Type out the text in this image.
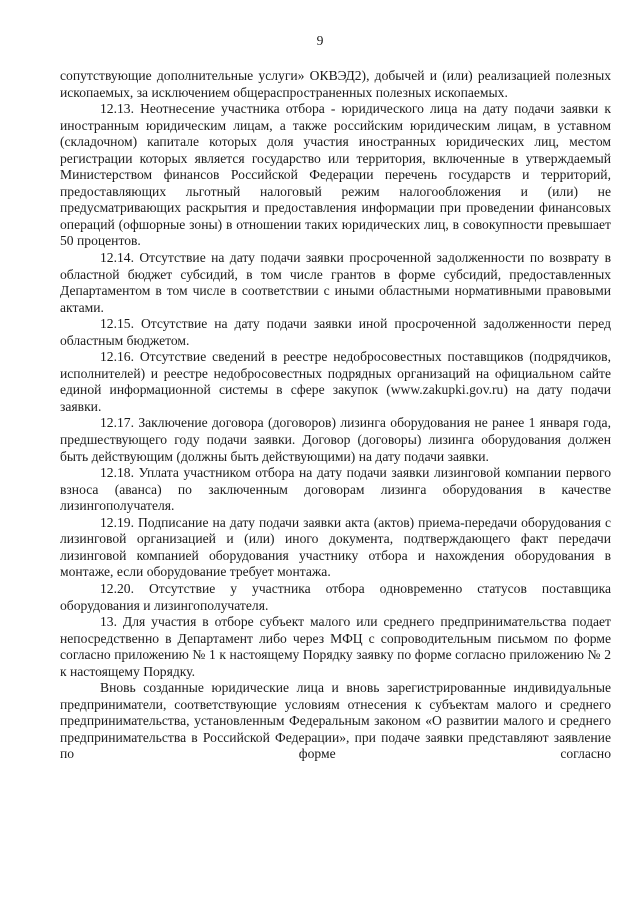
9

сопутствующие дополнительные услуги» ОКВЭД2), добычей и (или) реализацией полезных ископаемых, за исключением общераспространенных полезных ископаемых.

12.13. Неотнесение участника отбора - юридического лица на дату подачи заявки к иностранным юридическим лицам, а также российским юридическим лицам, в уставном (складочном) капитале которых доля участия иностранных юридических лиц, местом регистрации которых является государство или территория, включенные в утверждаемый Министерством финансов Российской Федерации перечень государств и территорий, предоставляющих льготный налоговый режим налогообложения и (или) не предусматривающих раскрытия и предоставления информации при проведении финансовых операций (офшорные зоны) в отношении таких юридических лиц, в совокупности превышает 50 процентов.

12.14. Отсутствие на дату подачи заявки просроченной задолженности по возврату в областной бюджет субсидий, в том числе грантов в форме субсидий, предоставленных Департаментом в том числе в соответствии с иными областными нормативными правовыми актами.

12.15. Отсутствие на дату подачи заявки иной просроченной задолженности перед областным бюджетом.

12.16. Отсутствие сведений в реестре недобросовестных поставщиков (подрядчиков, исполнителей) и реестре недобросовестных подрядных организаций на официальном сайте единой информационной системы в сфере закупок (www.zakupki.gov.ru) на дату подачи заявки.

12.17. Заключение договора (договоров) лизинга оборудования не ранее 1 января года, предшествующего году подачи заявки. Договор (договоры) лизинга оборудования должен быть действующим (должны быть действующими) на дату подачи заявки.

12.18. Уплата участником отбора на дату подачи заявки лизинговой компании первого взноса (аванса) по заключенным договорам лизинга оборудования в качестве лизингополучателя.

12.19. Подписание на дату подачи заявки акта (актов) приема-передачи оборудования с лизинговой организацией и (или) иного документа, подтверждающего факт передачи лизинговой компанией оборудования участнику отбора и нахождения оборудования в монтаже, если оборудование требует монтажа.

12.20. Отсутствие у участника отбора одновременно статусов поставщика оборудования и лизингополучателя.

13. Для участия в отборе субъект малого или среднего предпринимательства подает непосредственно в Департамент либо через МФЦ с сопроводительным письмом по форме согласно приложению № 1 к настоящему Порядку заявку по форме согласно приложению № 2 к настоящему Порядку.

Вновь созданные юридические лица и вновь зарегистрированные индивидуальные предприниматели, соответствующие условиям отнесения к субъектам малого и среднего предпринимательства, установленным Федеральным законом «О развитии малого и среднего предпринимательства в Российской Федерации», при подаче заявки представляют заявление по форме согласно
